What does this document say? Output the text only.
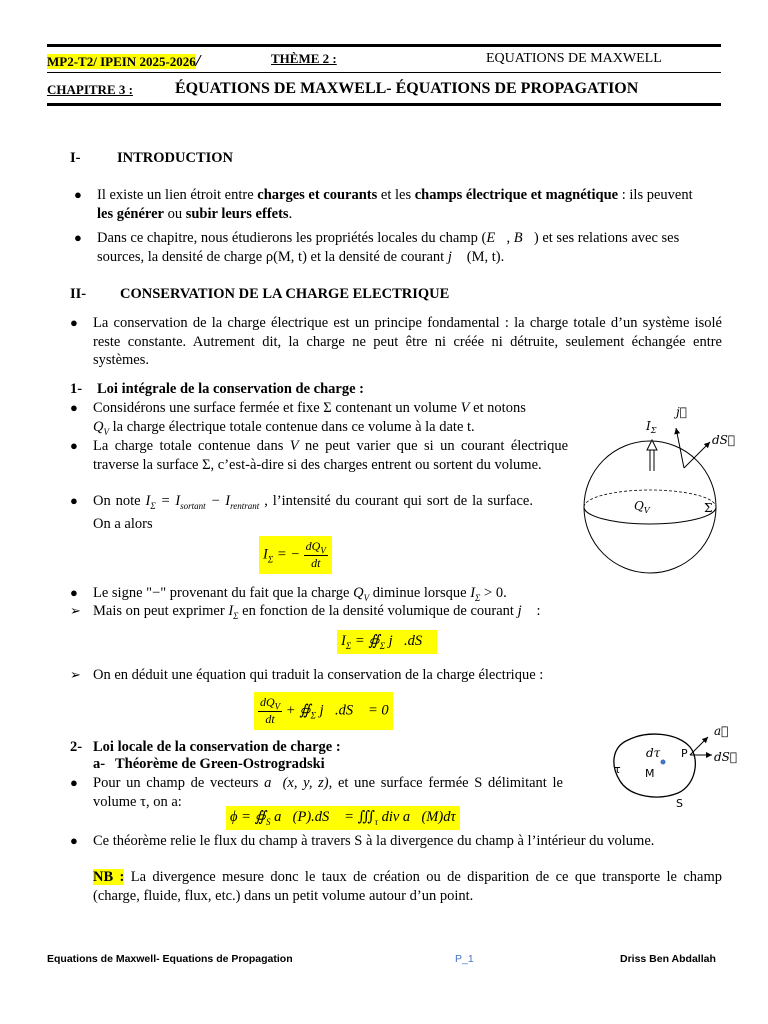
MP2-T2/ IPEIN 2025-2026/	THÈME 2 :	EQUATIONS DE MAXWELL
CHAPITRE 3 :	ÉQUATIONS DE MAXWELL- ÉQUATIONS DE PROPAGATION
I-	INTRODUCTION
● Il existe un lien étroit entre charges et courants et les champs électrique et magnétique : ils peuvent
les générer ou subir leurs effets.
● Dans ce chapitre, nous étudierons les propriétés locales du champ (E⃗, B⃗) et ses relations avec ses
sources, la densité de charge ρ(M, t) et la densité de courant j⃗ (M, t).
II- CONSERVATION DE LA CHARGE ELECTRIQUE
● La conservation de la charge électrique est un principe fondamental : la charge totale d’un système isolé reste constante. Autrement dit, la charge ne peut être ni créée ni détruite, seulement échangée entre systèmes.
1- Loi intégrale de la conservation de charge :
● Considérons une surface fermée et fixe Σ contenant un volume V et notons
$Q_V$ la charge électrique totale contenue dans ce volume à la date t.
● La charge totale contenue dans V ne peut varier que si un courant électrique traverse la surface Σ, c’est-à-dire si des charges entrent ou sortent du volume.
● On note $I_\Sigma = I_{sortant} - I_{rentrant}$ , l’intensité du courant qui sort de la surface. On a alors
$I_\Sigma$ = − $\frac{dQ_V}{dt}$
● Le signe "−" provenant du fait que la charge $Q_V$ diminue lorsque $I_\Sigma > 0$.
➢ Mais on peut exprimer $I_\Sigma$ en fonction de la densité volumique de courant j⃗ :
$I_\Sigma$ = $∯_\Sigma$ j⃗.dS⃗
➢ On en déduit une équation qui traduit la conservation de la charge électrique :
$\frac{dQ_V}{dt}$ + $∯_\Sigma$ j⃗.dS⃗ = 0
2- Loi locale de la conservation de charge :
a- Théorème de Green-Ostrogradski
● Pour un champ de vecteurs a⃗(x, y, z), et une surface fermée S délimitant le volume τ, on a:
$\phi = ∯_S$ a⃗(P).dS⃗ = $∭_\tau$ div a⃗(M)dτ
● Ce théorème relie le flux du champ à travers S à la divergence du champ à l’intérieur du volume.
NB : La divergence mesure donc le taux de création ou de disparition de ce que transporte le champ (charge, fluide, flux, etc.) dans un petit volume autour d’un point.
$I_\Sigma$
j⃗
dS⃗
$Q_V$	Σ
dτ P
τ M
S
a⃗
dS⃗
Equations de Maxwell- Equations de Propagation	P_1	Driss Ben Abdallah
